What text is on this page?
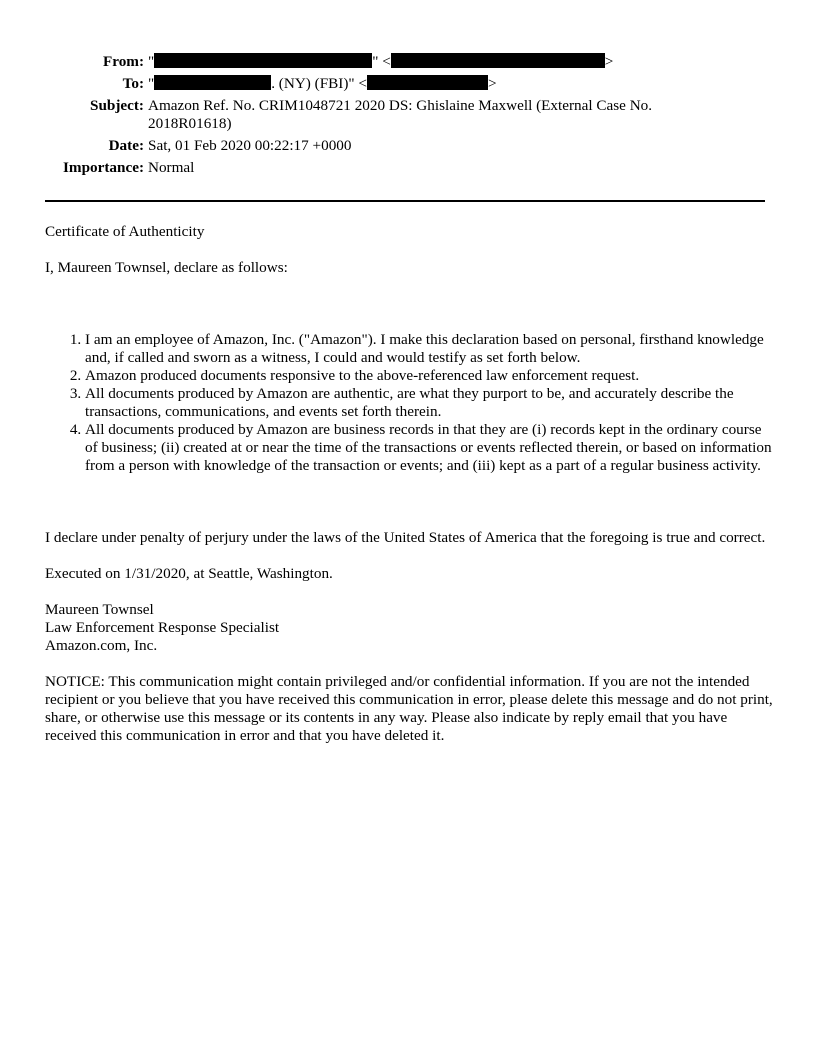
From: "	" <	>
To: "	. (NY) (FBI)" <	>
Subject: Amazon Ref. No. CRIM1048721 2020 DS: Ghislaine Maxwell (External Case No. 2018R01618)
Date: Sat, 01 Feb 2020 00:22:17 +0000
Importance: Normal

Certificate of Authenticity

I, Maureen Townsel, declare as follows:

1. I am an employee of Amazon, Inc. ("Amazon"). I make this declaration based on personal, firsthand knowledge and, if called and sworn as a witness, I could and would testify as set forth below.
2. Amazon produced documents responsive to the above-referenced law enforcement request.
3. All documents produced by Amazon are authentic, are what they purport to be, and accurately describe the transactions, communications, and events set forth therein.
4. All documents produced by Amazon are business records in that they are (i) records kept in the ordinary course of business; (ii) created at or near the time of the transactions or events reflected therein, or based on information from a person with knowledge of the transaction or events; and (iii) kept as a part of a regular business activity.

I declare under penalty of perjury under the laws of the United States of America that the foregoing is true and correct.

Executed on 1/31/2020, at Seattle, Washington.

Maureen Townsel
Law Enforcement Response Specialist
Amazon.com, Inc.

NOTICE: This communication might contain privileged and/or confidential information. If you are not the intended recipient or you believe that you have received this communication in error, please delete this message and do not print, share, or otherwise use this message or its contents in any way. Please also indicate by reply email that you have received this communication in error and that you have deleted it.
